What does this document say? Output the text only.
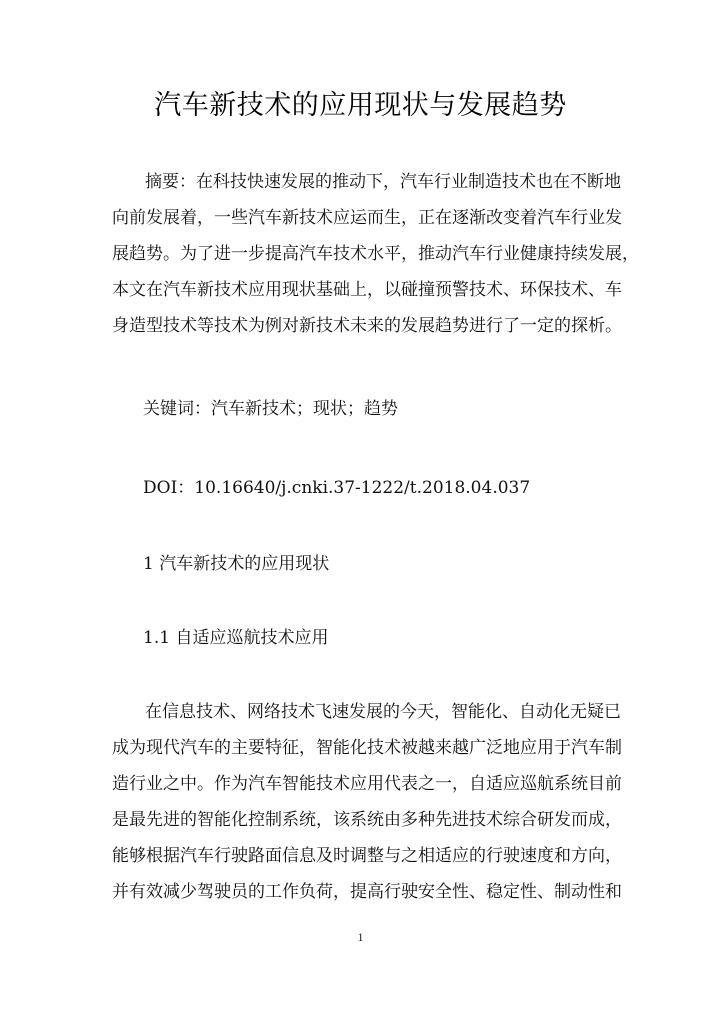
汽车新技术的应用现状与发展趋势
摘要：在科技快速发展的推动下，汽车行业制造技术也在不断地
向前发展着，一些汽车新技术应运而生，正在逐渐改变着汽车行业发
展趋势。为了进一步提高汽车技术水平，推动汽车行业健康持续发展，
本文在汽车新技术应用现状基础上，以碰撞预警技术、环保技术、车
身造型技术等技术为例对新技术未来的发展趋势进行了一定的探析。
关键词：汽车新技术；现状；趋势
DOI：10.16640/j.cnki.37-1222/t.2018.04.037
1 汽车新技术的应用现状
1.1 自适应巡航技术应用
在信息技术、网络技术飞速发展的今天，智能化、自动化无疑已
成为现代汽车的主要特征，智能化技术被越来越广泛地应用于汽车制
造行业之中。作为汽车智能技术应用代表之一，自适应巡航系统目前
是最先进的智能化控制系统，该系统由多种先进技术综合研发而成，
能够根据汽车行驶路面信息及时调整与之相适应的行驶速度和方向，
并有效减少驾驶员的工作负荷，提高行驶安全性、稳定性、制动性和
1
